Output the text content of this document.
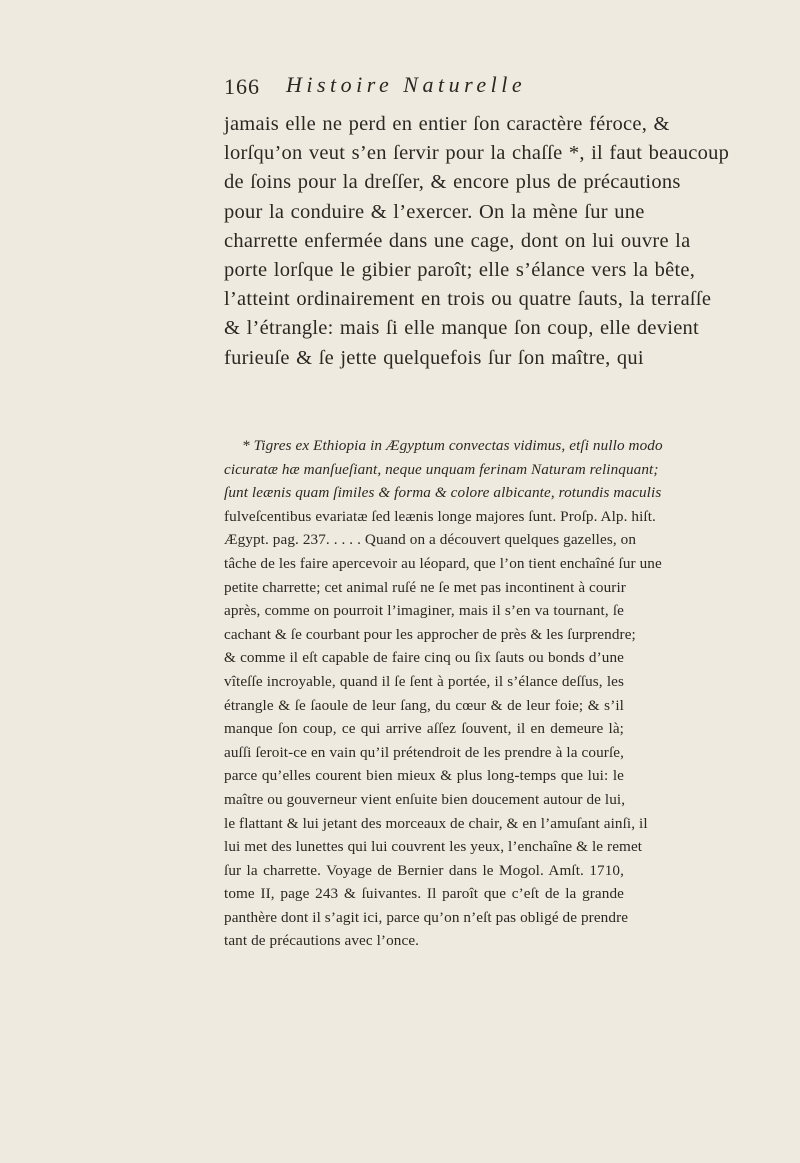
166 Histoire Naturelle
jamais elle ne perd en entier ſon caractère féroce, &
lorſqu’on veut s’en ſervir pour la chaſſe *, il faut beaucoup
de ſoins pour la dreſſer, & encore plus de précautions
pour la conduire & l’exercer. On la mène ſur une
charrette enfermée dans une cage, dont on lui ouvre la
porte lorſque le gibier paroît; elle s’élance vers la bête,
l’atteint ordinairement en trois ou quatre ſauts, la terraſſe
& l’étrangle: mais ſi elle manque ſon coup, elle devient
furieuſe & ſe jette quelquefois ſur ſon maître, qui
* Tigres ex Ethiopia in Ægyptum convectas vidimus, etſi nullo modo
cicuratæ hæ manſueſiant, neque unquam ferinam Naturam relinquant;
ſunt leænis quam ſimiles & forma & colore albicante, rotundis maculis
fulveſcentibus evariatæ ſed leænis longe majores ſunt. Proſp. Alp. hiſt.
Ægypt. pag. 237. . . . . Quand on a découvert quelques gazelles, on
tâche de les faire apercevoir au léopard, que l’on tient enchaîné ſur une
petite charrette; cet animal ruſé ne ſe met pas incontinent à courir
après, comme on pourroit l’imaginer, mais il s’en va tournant, ſe
cachant & ſe courbant pour les approcher de près & les ſurprendre;
& comme il eſt capable de faire cinq ou ſix ſauts ou bonds d’une
vîteſſe incroyable, quand il ſe ſent à portée, il s’élance deſſus, les
étrangle & ſe ſaoule de leur ſang, du cœur & de leur foie; & s’il
manque ſon coup, ce qui arrive aſſez ſouvent, il en demeure là;
auſſi ſeroit-ce en vain qu’il prétendroit de les prendre à la courſe,
parce qu’elles courent bien mieux & plus long-temps que lui: le
maître ou gouverneur vient enſuite bien doucement autour de lui,
le flattant & lui jetant des morceaux de chair, & en l’amuſant ainſi, il
lui met des lunettes qui lui couvrent les yeux, l’enchaîne & le remet
ſur la charrette. Voyage de Bernier dans le Mogol. Amſt. 1710,
tome II, page 243 & ſuivantes. Il paroît que c’eſt de la grande
panthère dont il s’agit ici, parce qu’on n’eſt pas obligé de prendre
tant de précautions avec l’once.
